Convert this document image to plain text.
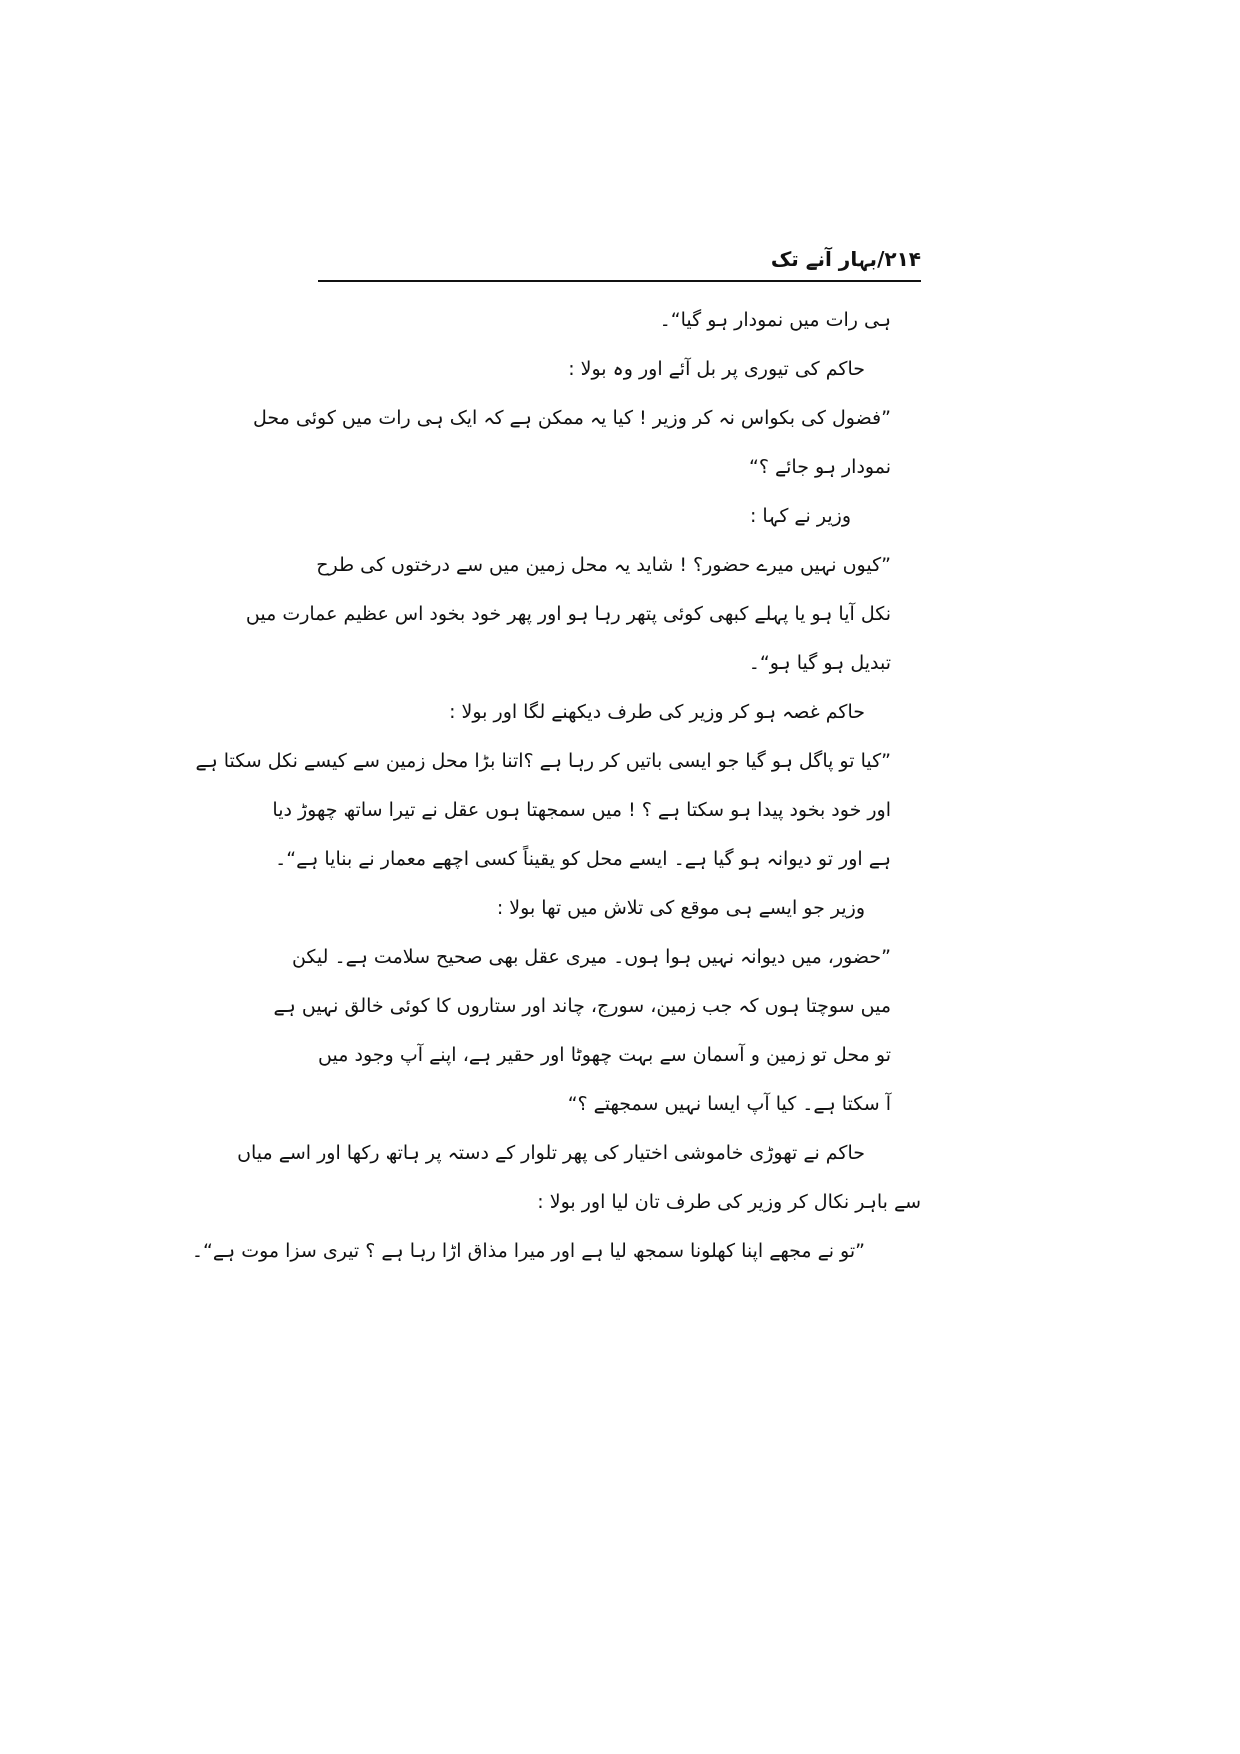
۲۱۴/بہار آنے تک
ہی رات میں نمودار ہو گیا“۔
حاکم کی تیوری پر بل آئے اور وہ بولا :
”فضول کی بکواس نہ کر وزیر ! کیا یہ ممکن ہے کہ ایک ہی رات میں کوئی محل
نمودار ہو جائے ؟“
وزیر نے کہا :
”کیوں نہیں میرے حضور؟ ! شاید یہ محل زمین میں سے درختوں کی طرح
نکل آیا ہو یا پہلے کبھی کوئی پتھر رہا ہو اور پھر خود بخود اس عظیم عمارت میں
تبدیل ہو گیا ہو“۔
حاکم غصہ ہو کر وزیر کی طرف دیکھنے لگا اور بولا :
”کیا تو پاگل ہو گیا جو ایسی باتیں کر رہا ہے ؟اتنا بڑا محل زمین سے کیسے نکل سکتا ہے
اور خود بخود پیدا ہو سکتا ہے ؟ ! میں سمجھتا ہوں عقل نے تیرا ساتھ چھوڑ دیا
ہے اور تو دیوانہ ہو گیا ہے۔ ایسے محل کو یقیناً کسی اچھے معمار نے بنایا ہے“۔
وزیر جو ایسے ہی موقع کی تلاش میں تھا بولا :
”حضور، میں دیوانہ نہیں ہوا ہوں۔ میری عقل بھی صحیح سلامت ہے۔ لیکن
میں سوچتا ہوں کہ جب زمین، سورج، چاند اور ستاروں کا کوئی خالق نہیں ہے
تو محل تو زمین و آسمان سے بہت چھوٹا اور حقیر ہے، اپنے آپ وجود میں
آ سکتا ہے۔ کیا آپ ایسا نہیں سمجھتے ؟“
حاکم نے تھوڑی خاموشی اختیار کی پھر تلوار کے دستہ پر ہاتھ رکھا اور اسے میاں
سے باہر نکال کر وزیر کی طرف تان لیا اور بولا :
”تو نے مجھے اپنا کھلونا سمجھ لیا ہے اور میرا مذاق اڑا رہا ہے ؟ تیری سزا موت ہے“۔
